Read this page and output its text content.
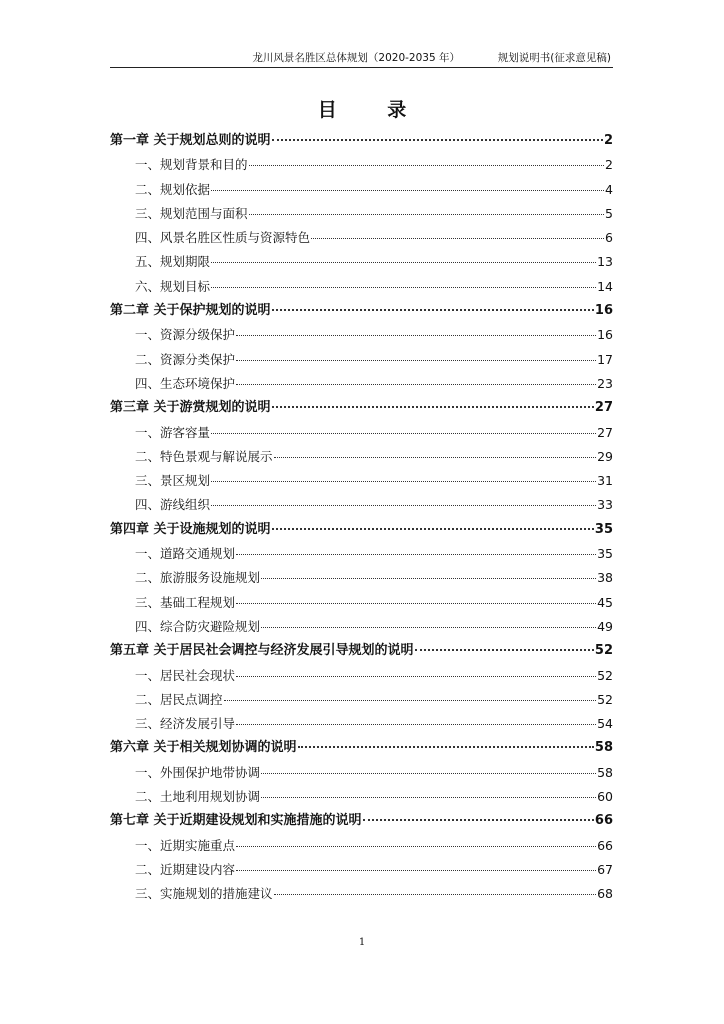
龙川风景名胜区总体规划（2020-2035 年）	规划说明书(征求意见稿)
目 录
第一章 关于规划总则的说明	2
一、规划背景和目的	2
二、规划依据	4
三、规划范围与面积	5
四、风景名胜区性质与资源特色	6
五、规划期限	13
六、规划目标	14
第二章 关于保护规划的说明	16
一、资源分级保护	16
二、资源分类保护	17
四、生态环境保护	23
第三章 关于游赏规划的说明	27
一、游客容量	27
二、特色景观与解说展示	29
三、景区规划	31
四、游线组织	33
第四章 关于设施规划的说明	35
一、道路交通规划	35
二、旅游服务设施规划	38
三、基础工程规划	45
四、综合防灾避险规划	49
第五章 关于居民社会调控与经济发展引导规划的说明	52
一、居民社会现状	52
二、居民点调控	52
三、经济发展引导	54
第六章 关于相关规划协调的说明	58
一、外围保护地带协调	58
二、土地利用规划协调	60
第七章 关于近期建设规划和实施措施的说明	66
一、近期实施重点	66
二、近期建设内容	67
三、实施规划的措施建议	68
1
